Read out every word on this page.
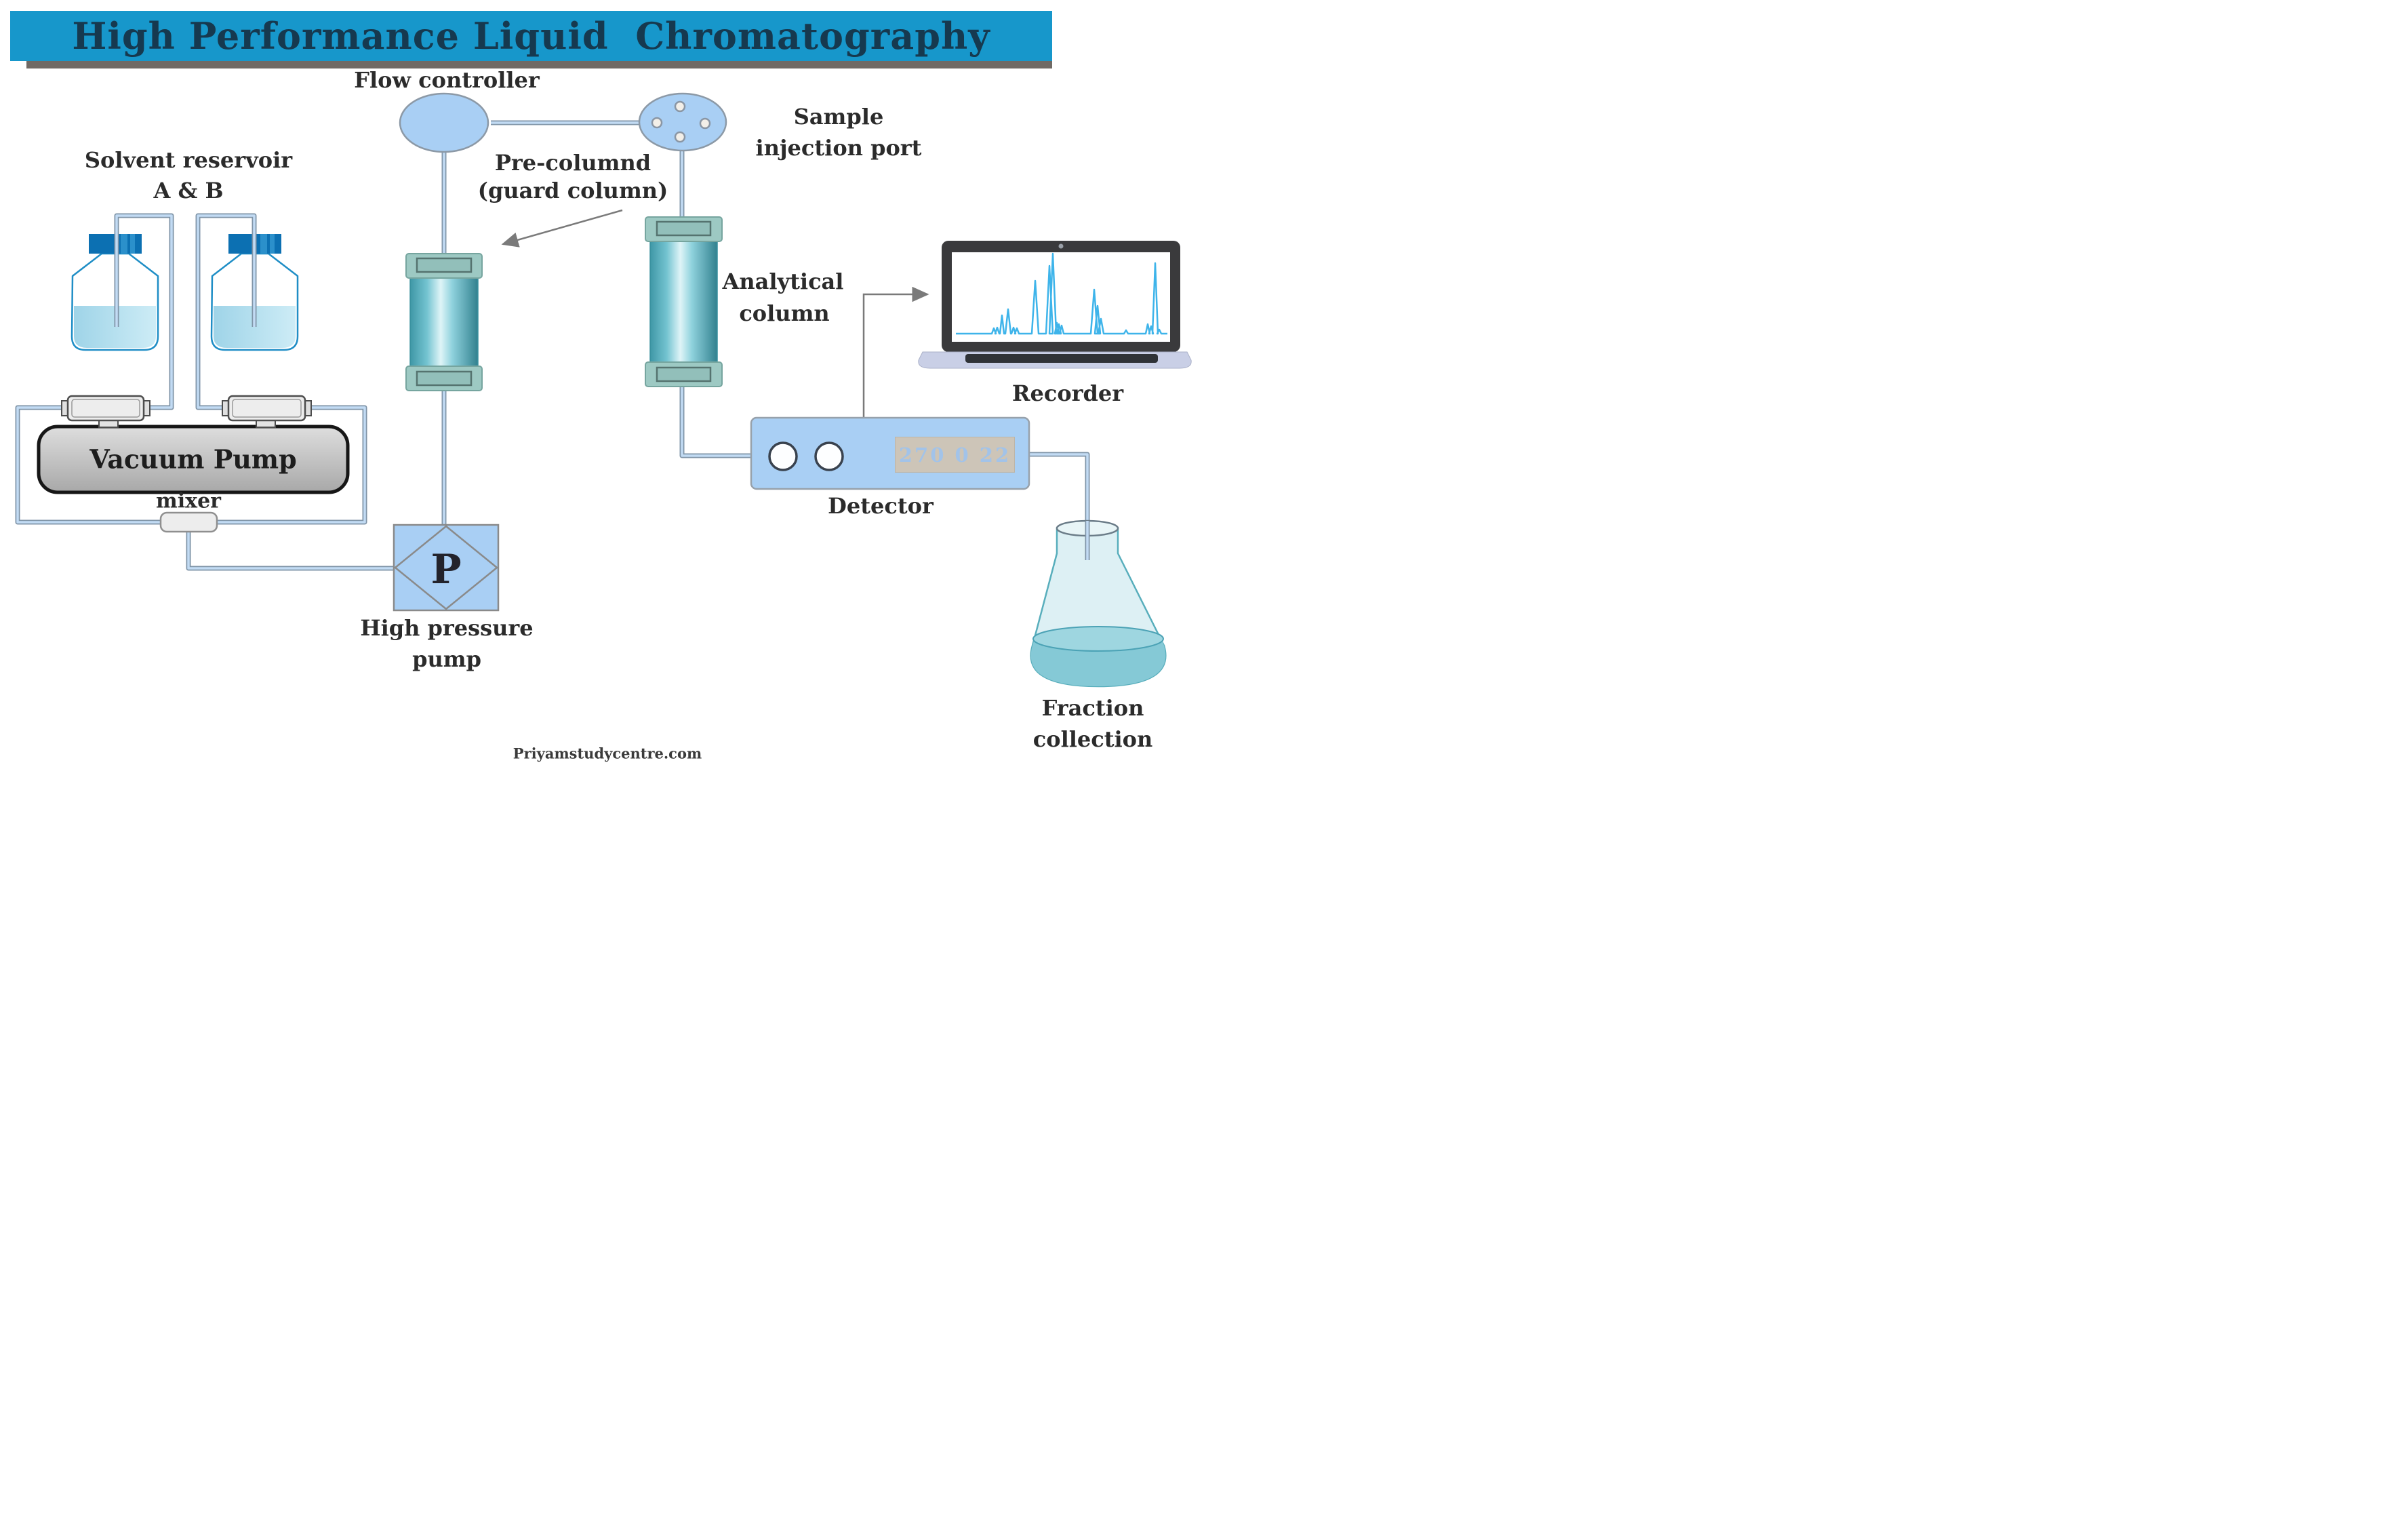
High Performance Liquid  Chromatography
Flow controller
Sample
injection port
Pre-columnd
(guard column)
Solvent reservoir
A & B
Vacuum Pump
mixer
P
High pressure
pump
Analytical
column
Detector
270 0 22
Recorder
Fraction
collection
Priyamstudycentre.com
